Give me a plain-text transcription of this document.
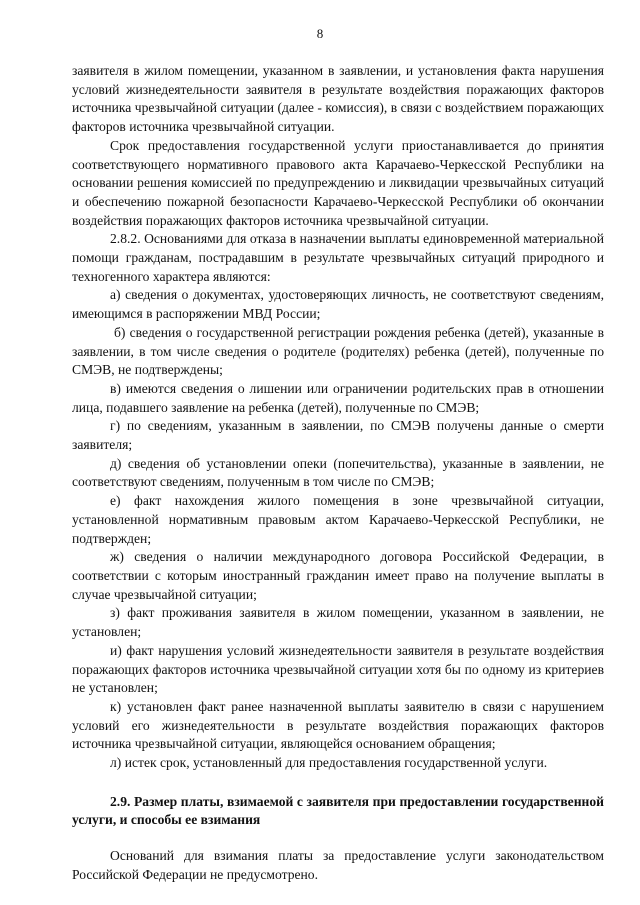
8

заявителя в жилом помещении, указанном в заявлении, и установления факта нарушения условий жизнедеятельности заявителя в результате воздействия поражающих факторов источника чрезвычайной ситуации (далее - комиссия), в связи с воздействием поражающих факторов источника чрезвычайной ситуации.

Срок предоставления государственной услуги приостанавливается до принятия соответствующего нормативного правового акта Карачаево-Черкесской Республики на основании решения комиссией по предупреждению и ликвидации чрезвычайных ситуаций и обеспечению пожарной безопасности Карачаево-Черкесской Республики об окончании воздействия поражающих факторов источника чрезвычайной ситуации.

2.8.2. Основаниями для отказа в назначении выплаты единовременной материальной помощи гражданам, пострадавшим в результате чрезвычайных ситуаций природного и техногенного характера являются:

а) сведения о документах, удостоверяющих личность, не соответствуют сведениям, имеющимся в распоряжении МВД России;

б) сведения о государственной регистрации рождения ребенка (детей), указанные в заявлении, в том числе сведения о родителе (родителях) ребенка (детей), полученные по СМЭВ, не подтверждены;

в) имеются сведения о лишении или ограничении родительских прав в отношении лица, подавшего заявление на ребенка (детей), полученные по СМЭВ;

г) по сведениям, указанным в заявлении, по СМЭВ получены данные о смерти заявителя;

д) сведения об установлении опеки (попечительства), указанные в заявлении, не соответствуют сведениям, полученным в том числе по СМЭВ;

е) факт нахождения жилого помещения в зоне чрезвычайной ситуации, установленной нормативным правовым актом Карачаево-Черкесской Республики, не подтвержден;

ж) сведения о наличии международного договора Российской Федерации, в соответствии с которым иностранный гражданин имеет право на получение выплаты в случае чрезвычайной ситуации;

з) факт проживания заявителя в жилом помещении, указанном в заявлении, не установлен;

и) факт нарушения условий жизнедеятельности заявителя в результате воздействия поражающих факторов источника чрезвычайной ситуации хотя бы по одному из критериев не установлен;

к) установлен факт ранее назначенной выплаты заявителю в связи с нарушением условий его жизнедеятельности в результате воздействия поражающих факторов источника чрезвычайной ситуации, являющейся основанием обращения;

л) истек срок, установленный для предоставления государственной услуги.

2.9. Размер платы, взимаемой с заявителя при предоставлении государственной услуги, и способы ее взимания

Оснований для взимания платы за предоставление услуги законодательством Российской Федерации не предусмотрено.
